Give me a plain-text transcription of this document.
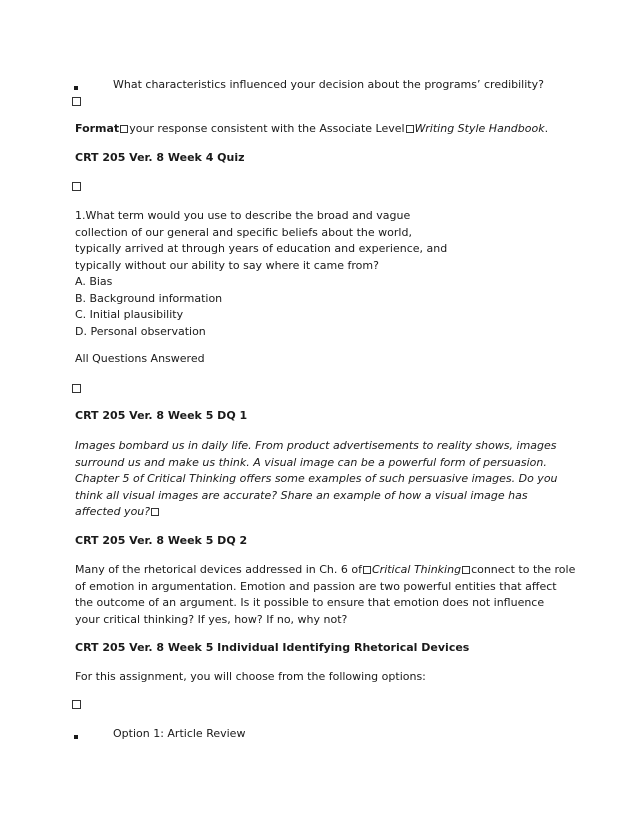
What characteristics influenced your decision about the programs’ credibility?
Format your response consistent with the Associate Level Writing Style Handbook.
CRT 205 Ver. 8 Week 4 Quiz
1.What term would you use to describe the broad and vague
collection of our general and specific beliefs about the world,
typically arrived at through years of education and experience, and
typically without our ability to say where it came from?
A. Bias
B. Background information
C. Initial plausibility
D. Personal observation
All Questions Answered
CRT 205 Ver. 8 Week 5 DQ 1
Images bombard us in daily life. From product advertisements to reality shows, images
surround us and make us think. A visual image can be a powerful form of persuasion.
Chapter 5 of Critical Thinking offers some examples of such persuasive images. Do you
think all visual images are accurate? Share an example of how a visual image has
affected you?
CRT 205 Ver. 8 Week 5 DQ 2
Many of the rhetorical devices addressed in Ch. 6 of Critical Thinking connect to the role
of emotion in argumentation. Emotion and passion are two powerful entities that affect
the outcome of an argument. Is it possible to ensure that emotion does not influence
your critical thinking? If yes, how? If no, why not?
CRT 205 Ver. 8 Week 5 Individual Identifying Rhetorical Devices
For this assignment, you will choose from the following options:
Option 1: Article Review
